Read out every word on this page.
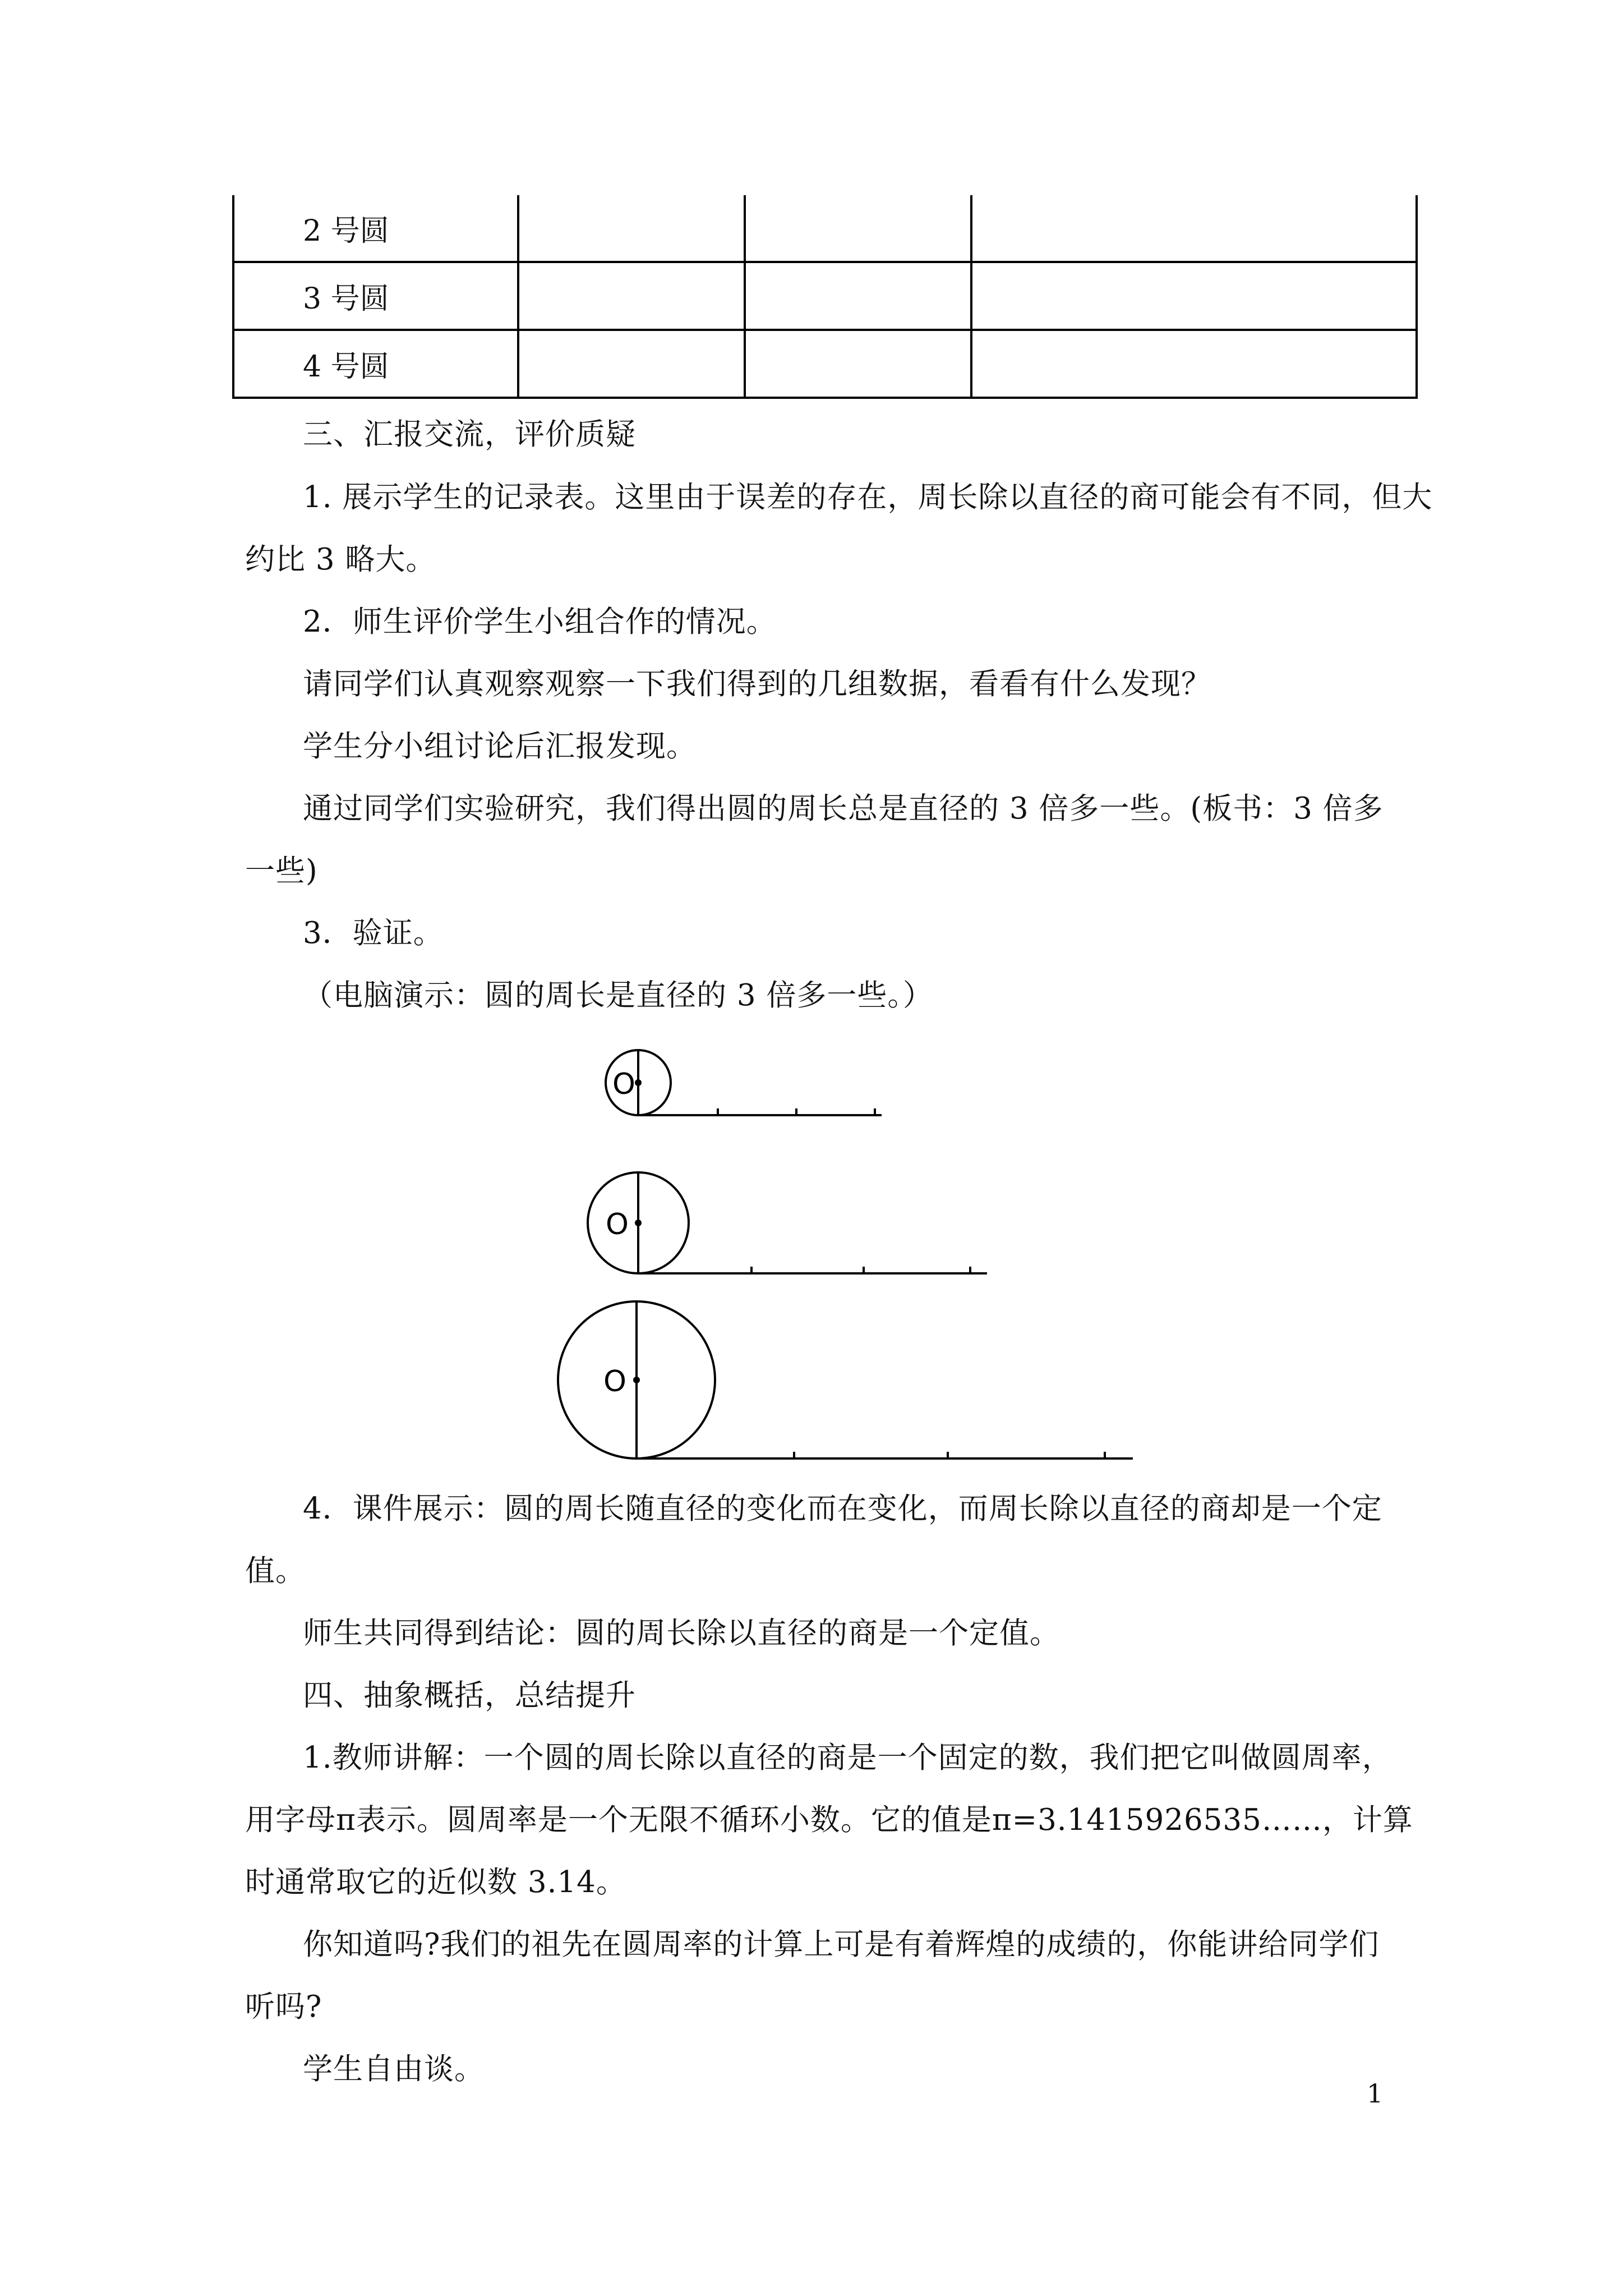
2 号圆			
3 号圆			
4 号圆			
三、汇报交流，评价质疑
1. 展示学生的记录表。这里由于误差的存在，周长除以直径的商可能会有不同，但大
约比 3 略大。
2．师生评价学生小组合作的情况。
请同学们认真观察观察一下我们得到的几组数据，看看有什么发现？
学生分小组讨论后汇报发现。
通过同学们实验研究，我们得出圆的周长总是直径的 3 倍多一些。(板书：3 倍多
一些)
3．验证。
（电脑演示：圆的周长是直径的 3 倍多一些。）
O
O
O
4．课件展示：圆的周长随直径的变化而在变化，而周长除以直径的商却是一个定
值。
师生共同得到结论：圆的周长除以直径的商是一个定值。
四、抽象概括，总结提升
1.教师讲解：一个圆的周长除以直径的商是一个固定的数，我们把它叫做圆周率，
用字母π表示。圆周率是一个无限不循环小数。它的值是π=3.1415926535……，计算
时通常取它的近似数 3.14。
你知道吗?我们的祖先在圆周率的计算上可是有着辉煌的成绩的，你能讲给同学们
听吗?
学生自由谈。
1
